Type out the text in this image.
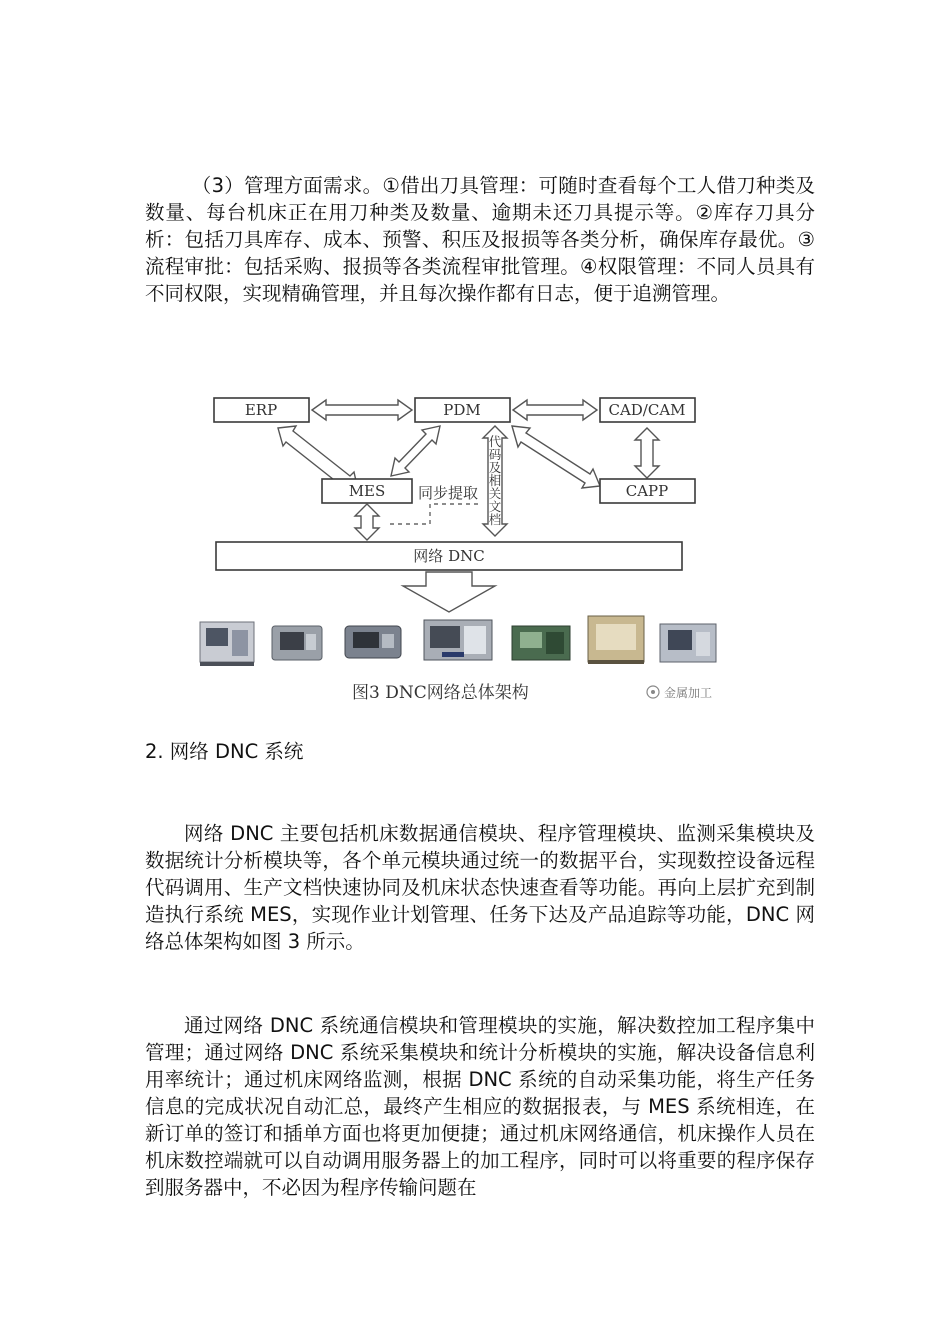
（3）管理方面需求。①借出刀具管理：可随时查看每个工人借刀种类及数量、每台机床正在用刀种类及数量、逾期未还刀具提示等。②库存刀具分析：包括刀具库存、成本、预警、积压及报损等各类分析，确保库存最优。③流程审批：包括采购、报损等各类流程审批管理。④权限管理：不同人员具有不同权限，实现精确管理，并且每次操作都有日志，便于追溯管理。

ERP	PDM	CAD/CAM
MES	CAPP
代
码
及
相
关
文
档
同步提取
网络 DNC
图3 DNC网络总体架构	金属加工

2. 网络 DNC 系统

网络 DNC 主要包括机床数据通信模块、程序管理模块、监测采集模块及数据统计分析模块等，各个单元模块通过统一的数据平台，实现数控设备远程代码调用、生产文档快速协同及机床状态快速查看等功能。再向上层扩充到制造执行系统 MES，实现作业计划管理、任务下达及产品追踪等功能，DNC 网络总体架构如图 3 所示。

通过网络 DNC 系统通信模块和管理模块的实施，解决数控加工程序集中管理；通过网络 DNC 系统采集模块和统计分析模块的实施，解决设备信息利用率统计；通过机床网络监测，根据 DNC 系统的自动采集功能，将生产任务信息的完成状况自动汇总，最终产生相应的数据报表，与 MES 系统相连，在新订单的签订和插单方面也将更加便捷；通过机床网络通信，机床操作人员在机床数控端就可以自动调用服务器上的加工程序，同时可以将重要的程序保存到服务器中，不必因为程序传输问题在
